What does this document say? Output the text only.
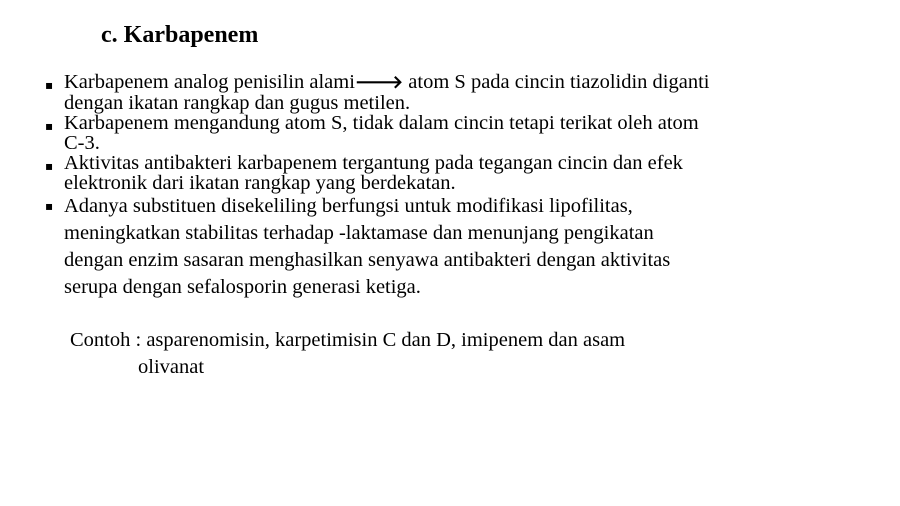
c. Karbapenem
▪ Karbapenem analog penisilin alami🡒 atom S pada cincin tiazolidin diganti
dengan ikatan rangkap dan gugus metilen.
▪ Karbapenem mengandung atom S, tidak dalam cincin tetapi terikat oleh atom
C-3.
▪ Aktivitas antibakteri karbapenem tergantung pada tegangan cincin dan efek
elektronik dari ikatan rangkap yang berdekatan.
▪ Adanya substituen disekeliling berfungsi untuk modifikasi lipofilitas,
meningkatkan stabilitas terhadap -laktamase dan menunjang pengikatan
dengan enzim sasaran menghasilkan senyawa antibakteri dengan aktivitas
serupa dengan sefalosporin generasi ketiga.
Contoh : asparenomisin, karpetimisin C dan D, imipenem dan asam
olivanat
